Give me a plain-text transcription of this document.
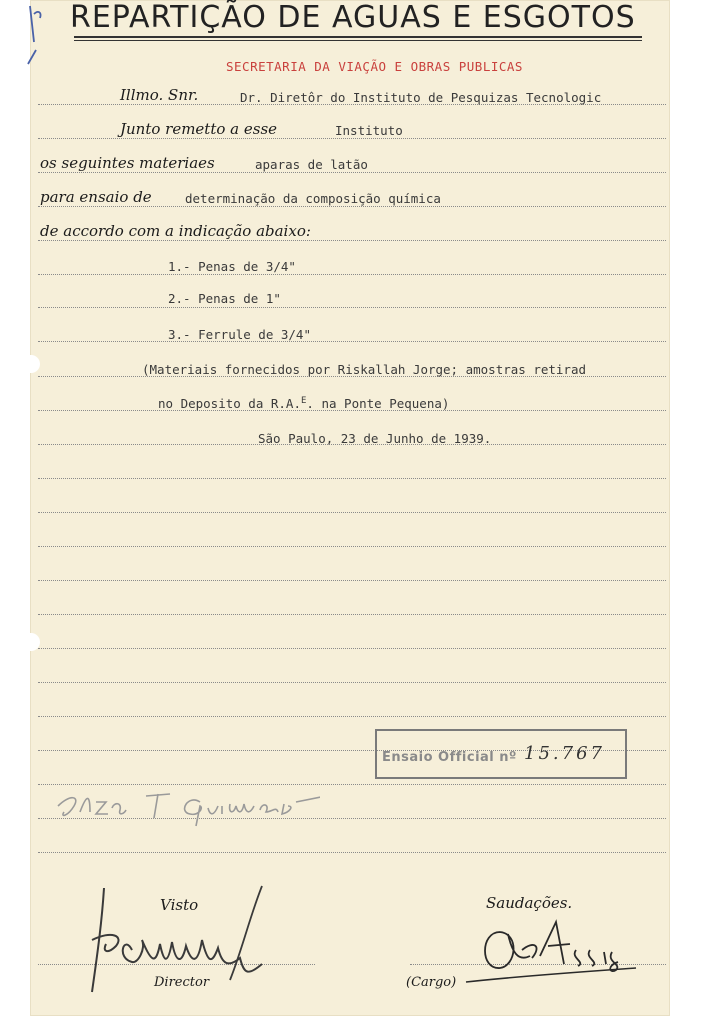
REPARTIÇÃO DE AGUAS E ESGOTOS
SECRETARIA DA VIAÇÃO E OBRAS PUBLICAS
Illmo. Snr.	Dr. Diretôr do Instituto de Pesquizas Tecnologic
Junto remetto a esse	Instituto
os seguintes materiaes	aparas de latão
para ensaio de	determinação da composição química
de accordo com a indicação abaixo:
1.- Penas de 3/4"
2.- Penas de 1"
3.- Ferrule de 3/4"
(Materiais fornecidos por Riskallah Jorge; amostras retirad
no Deposito da R.A.$^E$. na Ponte Pequena)
São Paulo, 23 de Junho de 1939.
Ensaio Official nº 15.767
Visto	Saudações.
Director	(Cargo)
